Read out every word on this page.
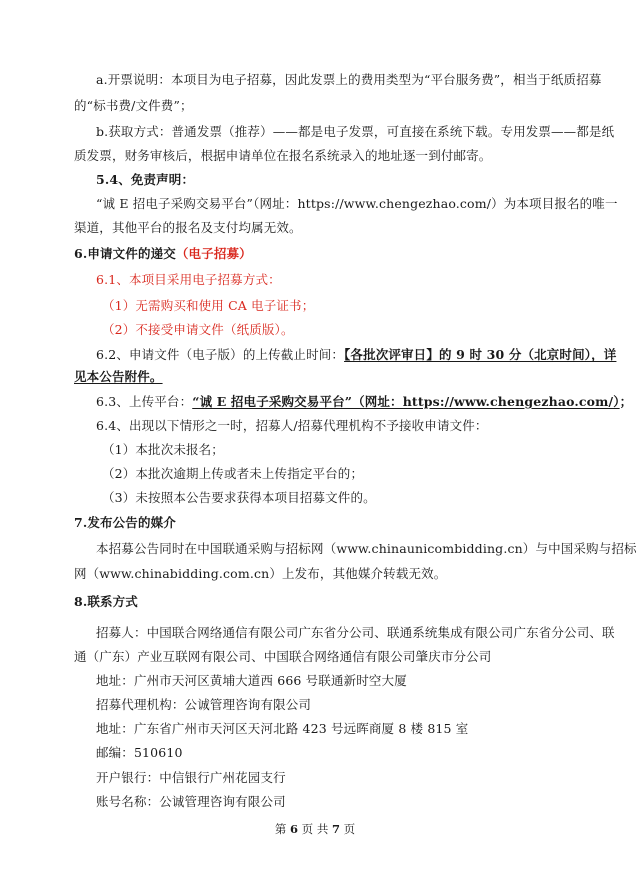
a.开票说明：本项目为电子招募，因此发票上的费用类型为“平台服务费”，相当于纸质招募
的“标书费/文件费”；
b.获取方式：普通发票（推荐）——都是电子发票，可直接在系统下载。专用发票——都是纸
质发票，财务审核后，根据申请单位在报名系统录入的地址逐一到付邮寄。
5.4、免责声明：
“诚 E 招电子采购交易平台”（网址：https://www.chengezhao.com/）为本项目报名的唯一
渠道，其他平台的报名及支付均属无效。
6.申请文件的递交（电子招募）
6.1、本项目采用电子招募方式：
（1）无需购买和使用 CA 电子证书；
（2）不接受申请文件（纸质版）。
6.2、申请文件（电子版）的上传截止时间：【各批次评审日】的 9 时 30 分（北京时间），详
见本公告附件。
6.3、上传平台：“诚 E 招电子采购交易平台”（网址：https://www.chengezhao.com/）；
6.4、出现以下情形之一时，招募人/招募代理机构不予接收申请文件：
（1）本批次未报名；
（2）本批次逾期上传或者未上传指定平台的；
（3）未按照本公告要求获得本项目招募文件的。
7.发布公告的媒介
本招募公告同时在中国联通采购与招标网（www.chinaunicombidding.cn）与中国采购与招标
网（www.chinabidding.com.cn）上发布，其他媒介转载无效。
8.联系方式
招募人：中国联合网络通信有限公司广东省分公司、联通系统集成有限公司广东省分公司、联
通（广东）产业互联网有限公司、中国联合网络通信有限公司肇庆市分公司
地址：广州市天河区黄埔大道西 666 号联通新时空大厦
招募代理机构：公诚管理咨询有限公司
地址：广东省广州市天河区天河北路 423 号远晖商厦 8 楼 815 室
邮编：510610
开户银行：中信银行广州花园支行
账号名称：公诚管理咨询有限公司
第 6 页 共 7 页
